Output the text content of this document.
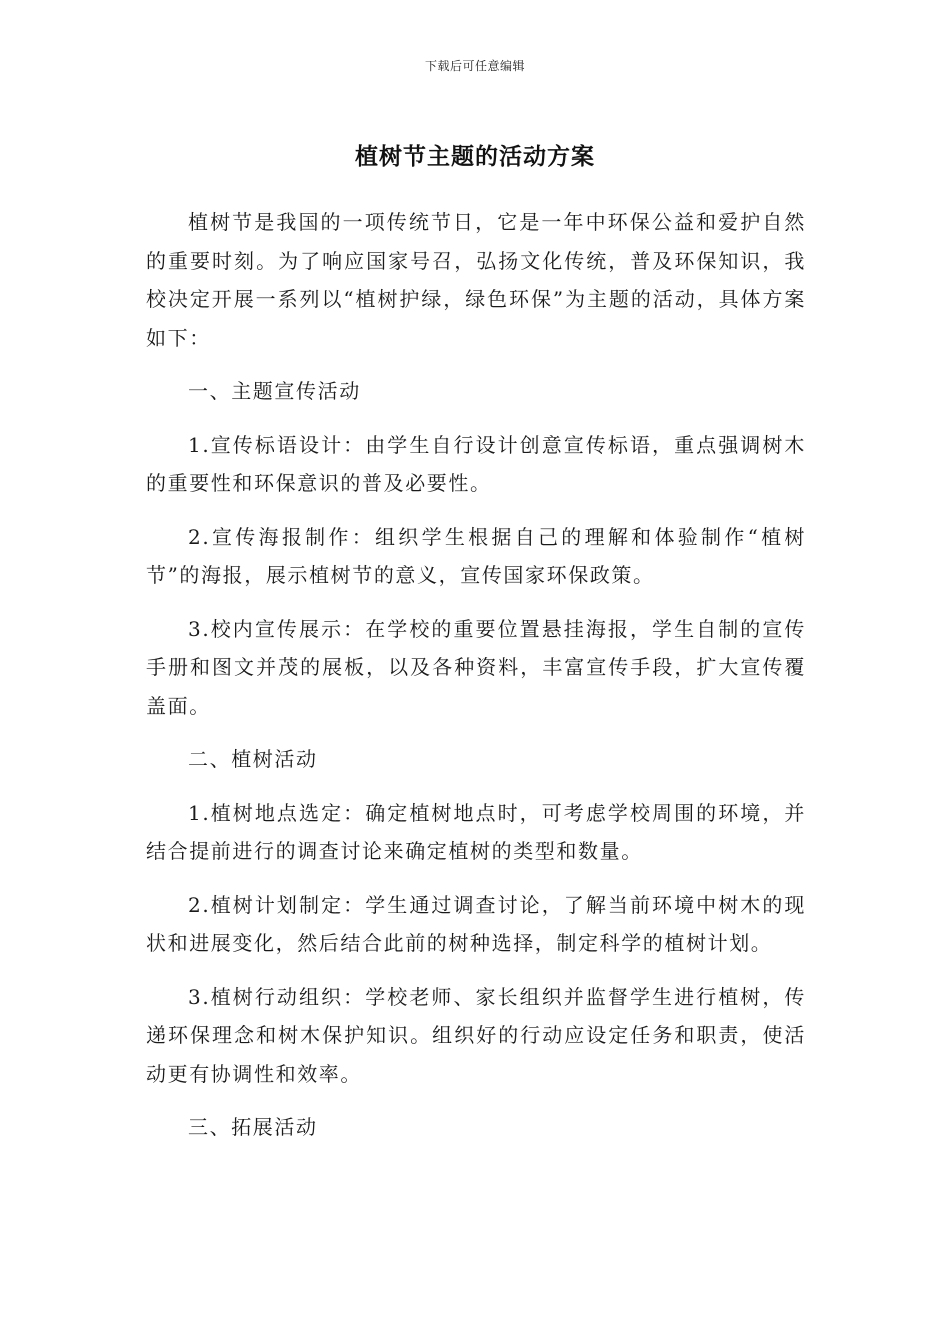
下载后可任意编辑
植树节主题的活动方案

植树节是我国的一项传统节日，它是一年中环保公益和爱护自然的重要时刻。为了响应国家号召，弘扬文化传统，普及环保知识，我校决定开展一系列以“植树护绿，绿色环保”为主题的活动，具体方案如下：

一、主题宣传活动

1.宣传标语设计：由学生自行设计创意宣传标语，重点强调树木的重要性和环保意识的普及必要性。

2.宣传海报制作：组织学生根据自己的理解和体验制作“植树节”的海报，展示植树节的意义，宣传国家环保政策。

3.校内宣传展示：在学校的重要位置悬挂海报，学生自制的宣传手册和图文并茂的展板，以及各种资料，丰富宣传手段，扩大宣传覆盖面。

二、植树活动

1.植树地点选定：确定植树地点时，可考虑学校周围的环境，并结合提前进行的调查讨论来确定植树的类型和数量。

2.植树计划制定：学生通过调查讨论，了解当前环境中树木的现状和进展变化，然后结合此前的树种选择，制定科学的植树计划。

3.植树行动组织：学校老师、家长组织并监督学生进行植树，传递环保理念和树木保护知识。组织好的行动应设定任务和职责，使活动更有协调性和效率。

三、拓展活动
